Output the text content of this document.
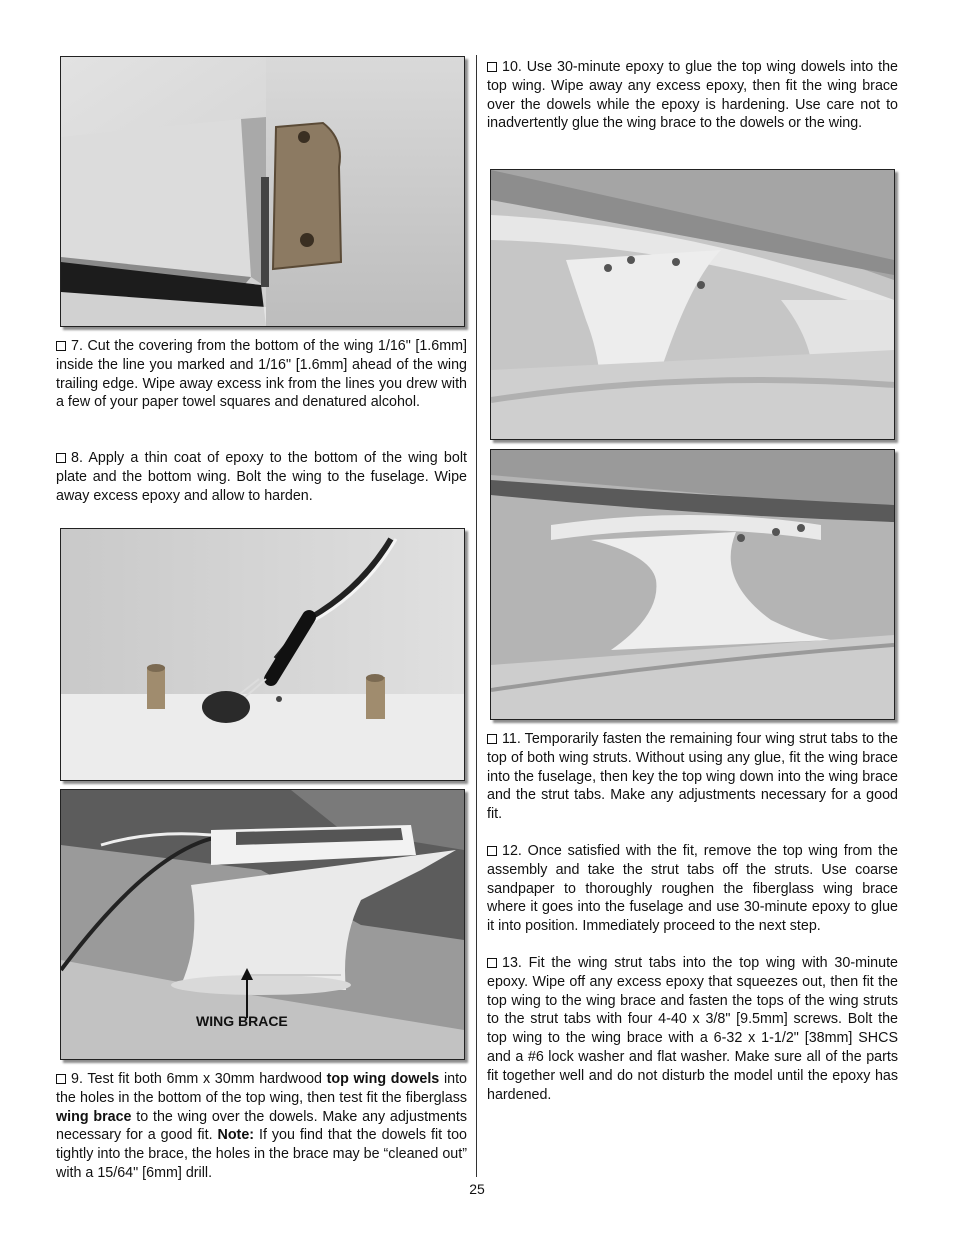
7. Cut the covering from the bottom of the wing 1/16" [1.6mm] inside the line you marked and 1/16" [1.6mm] ahead of the wing trailing edge. Wipe away excess ink from the lines you drew with a few of your paper towel squares and denatured alcohol.

8. Apply a thin coat of epoxy to the bottom of the wing bolt plate and the bottom wing. Bolt the wing to the fuselage. Wipe away excess epoxy and allow to harden.

WING BRACE

9. Test fit both 6mm x 30mm hardwood top wing dowels into the holes in the bottom of the top wing, then test fit the fiberglass wing brace to the wing over the dowels. Make any adjustments necessary for a good fit. Note: If you find that the dowels fit too tightly into the brace, the holes in the brace may be “cleaned out” with a 15/64" [6mm] drill.

10. Use 30-minute epoxy to glue the top wing dowels into the top wing. Wipe away any excess epoxy, then fit the wing brace over the dowels while the epoxy is hardening. Use care not to inadvertently glue the wing brace to the dowels or the wing.

11. Temporarily fasten the remaining four wing strut tabs to the top of both wing struts. Without using any glue, fit the wing brace into the fuselage, then key the top wing down into the wing brace and the strut tabs. Make any adjustments necessary for a good fit.

12. Once satisfied with the fit, remove the top wing from the assembly and take the strut tabs off the struts. Use coarse sandpaper to thoroughly roughen the fiberglass wing brace where it goes into the fuselage and use 30-minute epoxy to glue it into position. Immediately proceed to the next step.

13. Fit the wing strut tabs into the top wing with 30-minute epoxy. Wipe off any excess epoxy that squeezes out, then fit the top wing to the wing brace and fasten the tops of the wing struts to the strut tabs with four 4-40 x 3/8" [9.5mm] screws. Bolt the top wing to the wing brace with a 6-32 x 1-1/2" [38mm] SHCS and a #6 lock washer and flat washer. Make sure all of the parts fit together well and do not disturb the model until the epoxy has hardened.

25
